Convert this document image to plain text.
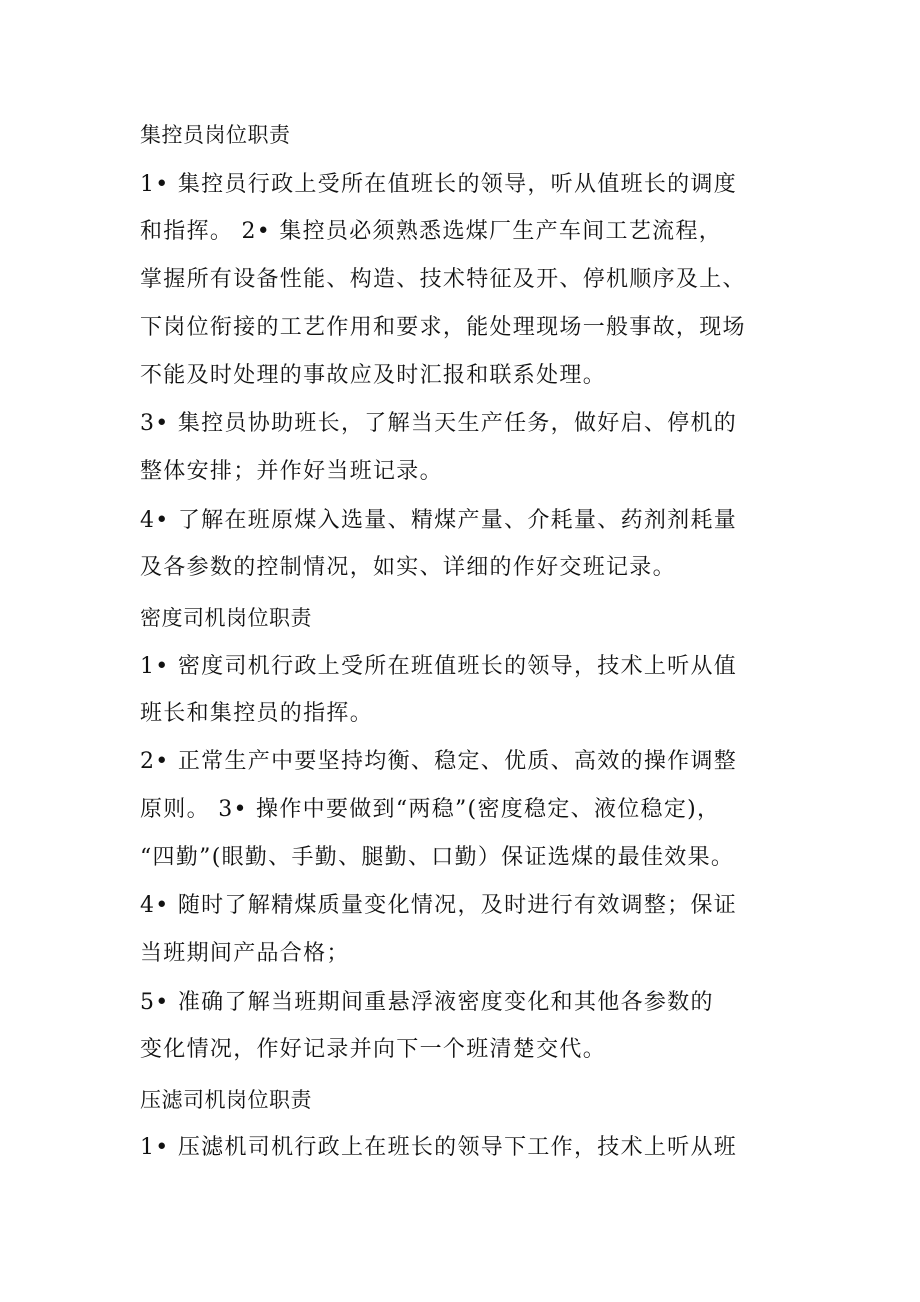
集控员岗位职责
1• 集控员行政上受所在值班长的领导，听从值班长的调度
和指挥。 2• 集控员必须熟悉选煤厂生产车间工艺流程，
掌握所有设备性能、构造、技术特征及开、停机顺序及上、
下岗位衔接的工艺作用和要求，能处理现场一般事故，现场
不能及时处理的事故应及时汇报和联系处理。
3• 集控员协助班长，了解当天生产任务，做好启、停机的
整体安排；并作好当班记录。
4• 了解在班原煤入选量、精煤产量、介耗量、药剂剂耗量
及各参数的控制情况，如实、详细的作好交班记录。
密度司机岗位职责
1• 密度司机行政上受所在班值班长的领导，技术上听从值
班长和集控员的指挥。
2• 正常生产中要坚持均衡、稳定、优质、高效的操作调整
原则。 3• 操作中要做到“两稳”(密度稳定、液位稳定)，
“四勤”(眼勤、手勤、腿勤、口勤）保证选煤的最佳效果。
4• 随时了解精煤质量变化情况，及时进行有效调整；保证
当班期间产品合格；
5• 准确了解当班期间重悬浮液密度变化和其他各参数的
变化情况，作好记录并向下一个班清楚交代。
压滤司机岗位职责
1• 压滤机司机行政上在班长的领导下工作，技术上听从班
